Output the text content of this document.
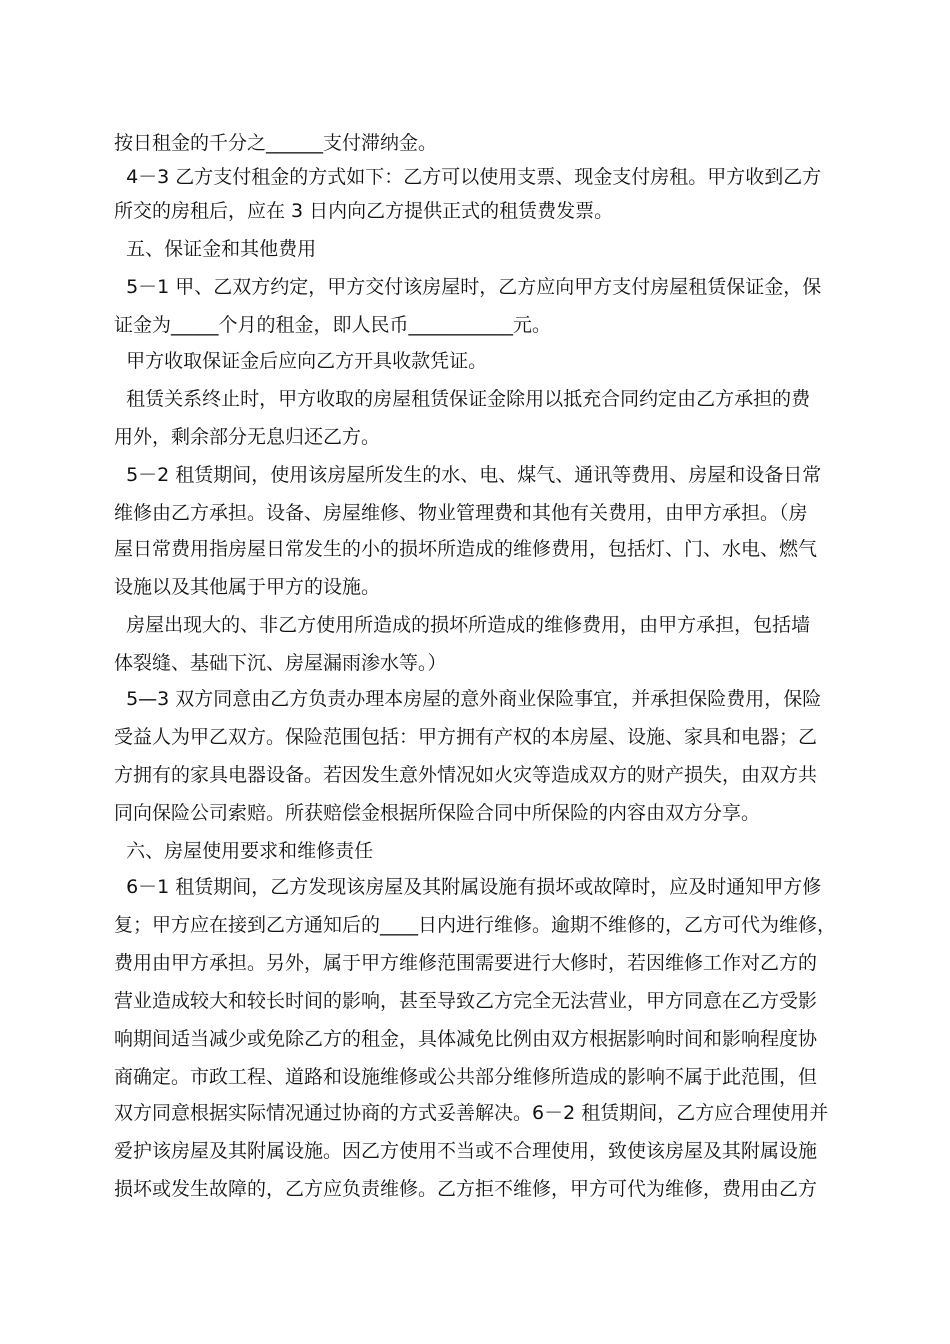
按日租金的千分之______支付滞纳金。
4－3 乙方支付租金的方式如下：乙方可以使用支票、现金支付房租。甲方收到乙方
所交的房租后，应在 3 日内向乙方提供正式的租赁费发票。
五、保证金和其他费用
5－1 甲、乙双方约定，甲方交付该房屋时，乙方应向甲方支付房屋租赁保证金，保
证金为_____个月的租金，即人民币___________元。
甲方收取保证金后应向乙方开具收款凭证。
租赁关系终止时，甲方收取的房屋租赁保证金除用以抵充合同约定由乙方承担的费
用外，剩余部分无息归还乙方。
5－2 租赁期间，使用该房屋所发生的水、电、煤气、通讯等费用、房屋和设备日常
维修由乙方承担。设备、房屋维修、物业管理费和其他有关费用，由甲方承担。（房
屋日常费用指房屋日常发生的小的损坏所造成的维修费用，包括灯、门、水电、燃气
设施以及其他属于甲方的设施。
房屋出现大的、非乙方使用所造成的损坏所造成的维修费用，由甲方承担，包括墙
体裂缝、基础下沉、房屋漏雨渗水等。）
5—3 双方同意由乙方负责办理本房屋的意外商业保险事宜，并承担保险费用，保险
受益人为甲乙双方。保险范围包括：甲方拥有产权的本房屋、设施、家具和电器；乙
方拥有的家具电器设备。若因发生意外情况如火灾等造成双方的财产损失，由双方共
同向保险公司索赔。所获赔偿金根据所保险合同中所保险的内容由双方分享。
六、房屋使用要求和维修责任
6－1 租赁期间，乙方发现该房屋及其附属设施有损坏或故障时，应及时通知甲方修
复；甲方应在接到乙方通知后的____日内进行维修。逾期不维修的，乙方可代为维修，
费用由甲方承担。另外，属于甲方维修范围需要进行大修时，若因维修工作对乙方的
营业造成较大和较长时间的影响，甚至导致乙方完全无法营业，甲方同意在乙方受影
响期间适当减少或免除乙方的租金，具体减免比例由双方根据影响时间和影响程度协
商确定。市政工程、道路和设施维修或公共部分维修所造成的影响不属于此范围，但
双方同意根据实际情况通过协商的方式妥善解决。6－2 租赁期间，乙方应合理使用并
爱护该房屋及其附属设施。因乙方使用不当或不合理使用，致使该房屋及其附属设施
损坏或发生故障的，乙方应负责维修。乙方拒不维修，甲方可代为维修，费用由乙方
